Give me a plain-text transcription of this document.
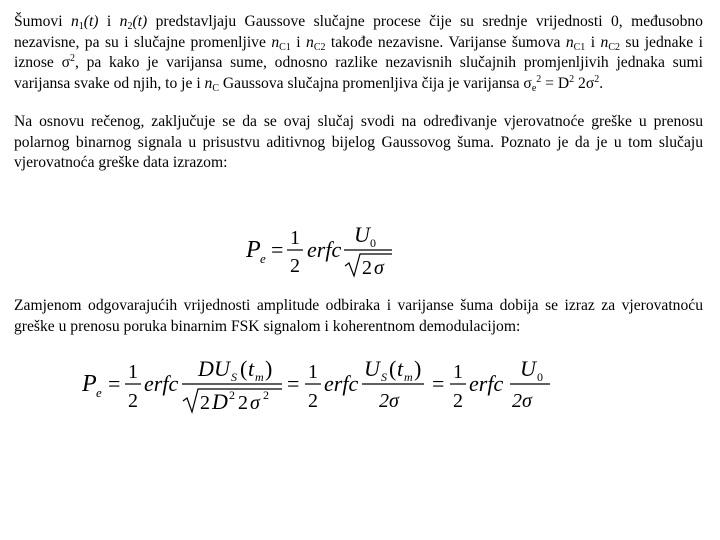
Šumovi $n_1(t)$ i $n_2(t)$ predstavljaju Gaussove slučajne procese čije su srednje vrijednosti 0, međusobno nezavisne, pa su i slučajne promenljive $n_{C1}$ i $n_{C2}$ takođe nezavisne. Varijanse šumova $n_{C1}$ i $n_{C2}$ su jednake i iznose $\sigma^2$, pa kako je varijansa sume, odnosno razlike nezavisnih slučajnih promjenljivih jednaka sumi varijansa svake od njih, to je i $n_C$ Gaussova slučajna promenljiva čija je varijansa $\sigma_e^2 = D^2$ $2\sigma^2$.

Na osnovu rečenog, zaključuje se da se ovaj slučaj svodi na određivanje vjerovatnoće greške u prenosu polarnog binarnog signala u prisustvu aditivnog bijelog Gaussovog šuma. Poznato je da je u tom slučaju vjerovatnoća greške data izrazom:

P e = 1
2
erfc
U 0
2 σ

Zamjenom odgovarajućih vrijednosti amplitude odbiraka i varijanse šuma dobija se izraz za vjerovatnoću greške u prenosu poruka binarnim FSK signalom i koherentnom demodulacijom:

P e = 1
2
erfc
D U S ( t m )
2 D 2 2 σ 2 = 1
2
erfc
U S ( t m )
2σ
= 1
2
erfc
U 0
2σ
